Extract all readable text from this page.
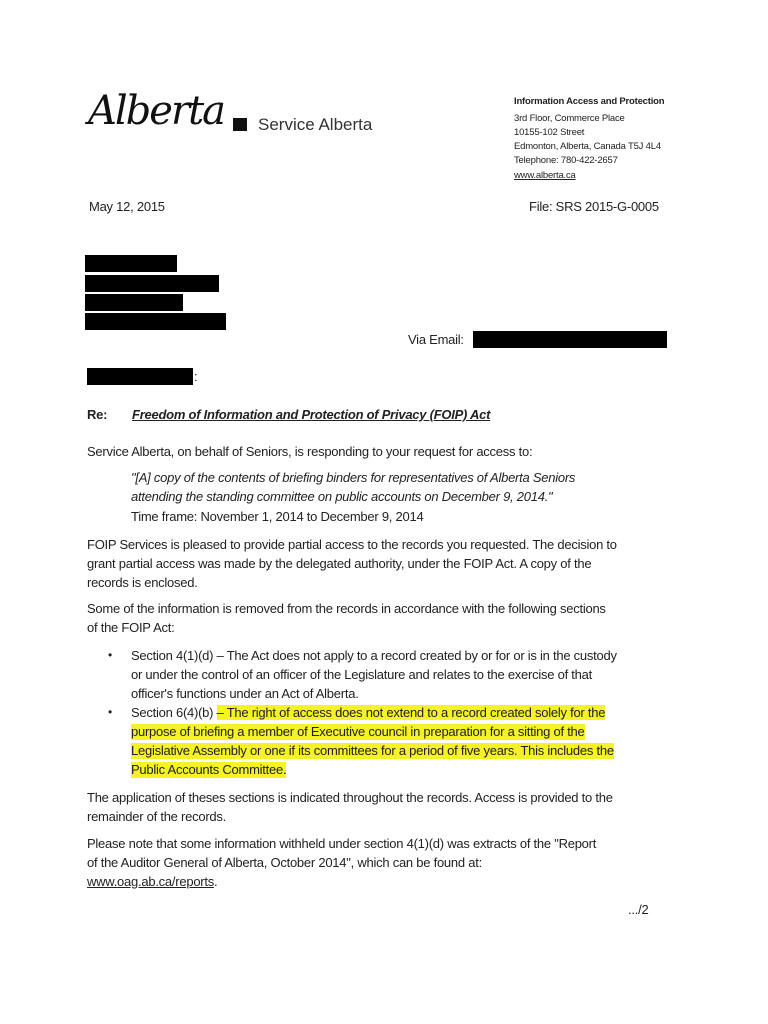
Alberta Service Alberta
Information Access and Protection
3rd Floor, Commerce Place
10155-102 Street
Edmonton, Alberta, Canada T5J 4L4
Telephone: 780-422-2657
www.alberta.ca
May 12, 2015	File: SRS 2015-G-0005
Via Email:
:
Re: Freedom of Information and Protection of Privacy (FOIP) Act
Service Alberta, on behalf of Seniors, is responding to your request for access to:
"[A] copy of the contents of briefing binders for representatives of Alberta Seniors
attending the standing committee on public accounts on December 9, 2014."
Time frame: November 1, 2014 to December 9, 2014
FOIP Services is pleased to provide partial access to the records you requested. The decision to
grant partial access was made by the delegated authority, under the FOIP Act. A copy of the
records is enclosed.
Some of the information is removed from the records in accordance with the following sections
of the FOIP Act:
• Section 4(1)(d) – The Act does not apply to a record created by or for or is in the custody
or under the control of an officer of the Legislature and relates to the exercise of that
officer's functions under an Act of Alberta.
• Section 6(4)(b) – The right of access does not extend to a record created solely for the
purpose of briefing a member of Executive council in preparation for a sitting of the
Legislative Assembly or one if its committees for a period of five years. This includes the
Public Accounts Committee.
The application of theses sections is indicated throughout the records. Access is provided to the
remainder of the records.
Please note that some information withheld under section 4(1)(d) was extracts of the "Report
of the Auditor General of Alberta, October 2014", which can be found at:
www.oag.ab.ca/reports.
.../2
